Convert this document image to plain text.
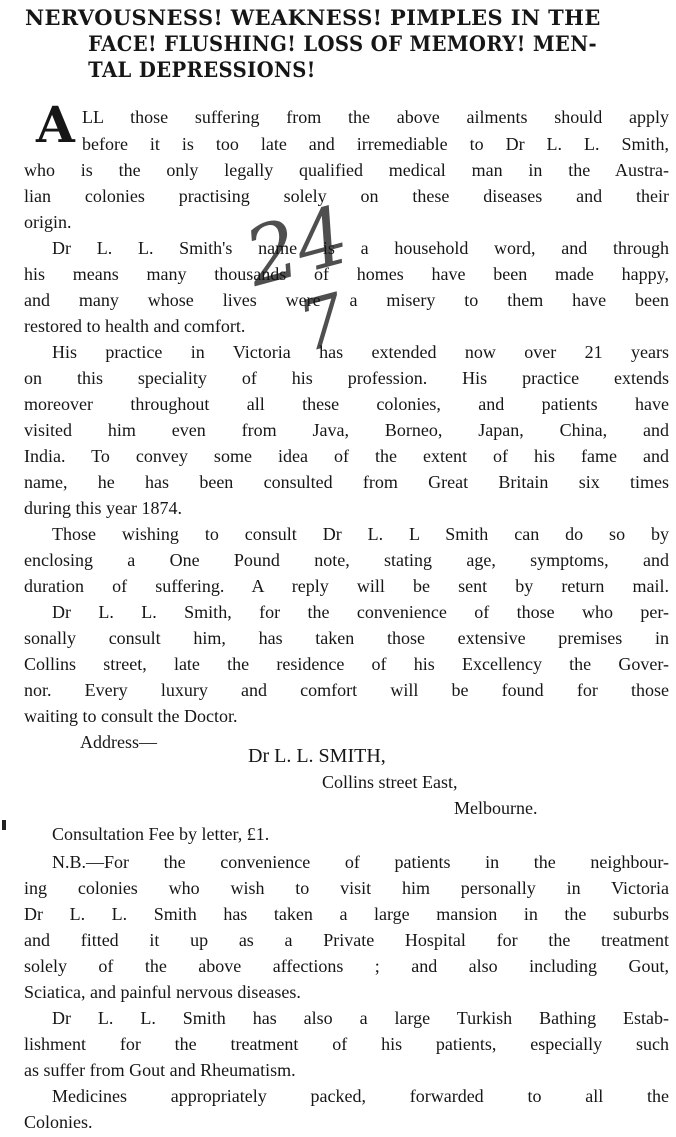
NERVOUSNESS! WEAKNESS! PIMPLES IN THE
FACE! FLUSHING! LOSS OF MEMORY! MEN-
TAL DEPRESSIONS!
A LL those suffering from the above ailments should apply
before it is too late and irremediable to Dr L. L. Smith,
who is the only legally qualified medical man in the Austra-
lian colonies practising solely on these diseases and their
origin.
Dr L. L. Smith's name is a household word, and through
his means many thousands of homes have been made happy,
and many whose lives were a misery to them have been
restored to health and comfort.
His practice in Victoria has extended now over 21 years
on this speciality of his profession. His practice extends
moreover throughout all these colonies, and patients have
visited him even from Java, Borneo, Japan, China, and
India. To convey some idea of the extent of his fame and
name, he has been consulted from Great Britain six times
during this year 1874.
Those wishing to consult Dr L. L Smith can do so by
enclosing a One Pound note, stating age, symptoms, and
duration of suffering. A reply will be sent by return mail.
Dr L. L. Smith, for the convenience of those who per-
sonally consult him, has taken those extensive premises in
Collins street, late the residence of his Excellency the Gover-
nor. Every luxury and comfort will be found for those
waiting to consult the Doctor.
Address—
Dr L. L. SMITH,
Collins street East,
Melbourne.
Consultation Fee by letter, £1.
N.B.—For the convenience of patients in the neighbour-
ing colonies who wish to visit him personally in Victoria
Dr L. L. Smith has taken a large mansion in the suburbs
and fitted it up as a Private Hospital for the treatment
solely of the above affections ; and also including Gout,
Sciatica, and painful nervous diseases.
Dr L. L. Smith has also a large Turkish Bathing Estab-
lishment for the treatment of his patients, especially such
as suffer from Gout and Rheumatism.
Medicines appropriately packed, forwarded to all the
Colonies.
24
7
